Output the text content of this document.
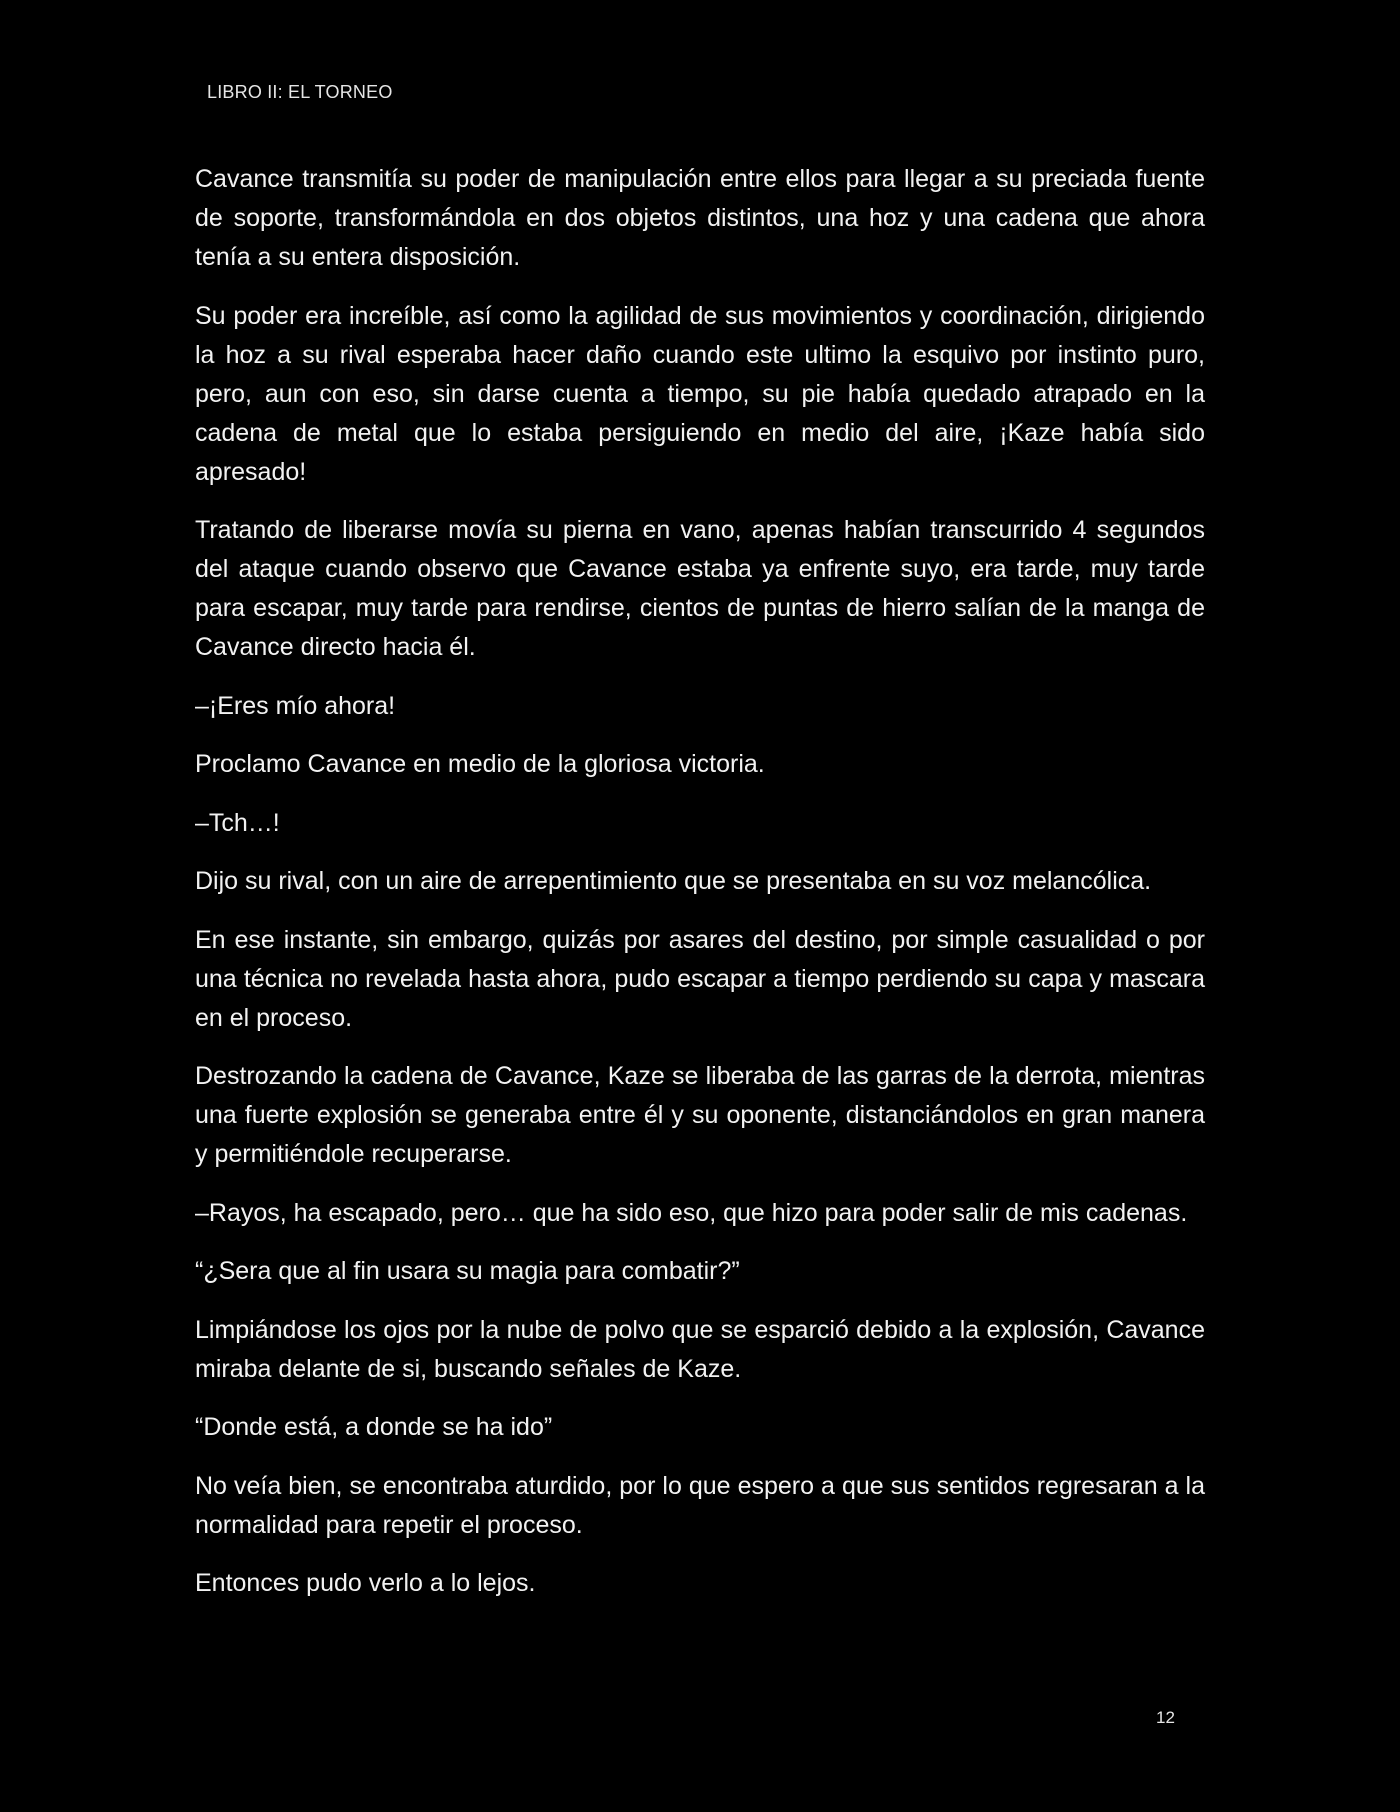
LIBRO II: EL TORNEO

Cavance transmitía su poder de manipulación entre ellos para llegar a su preciada fuente de soporte, transformándola en dos objetos distintos, una hoz y una cadena que ahora tenía a su entera disposición.

Su poder era increíble, así como la agilidad de sus movimientos y coordinación, dirigiendo la hoz a su rival esperaba hacer daño cuando este ultimo la esquivo por instinto puro, pero, aun con eso, sin darse cuenta a tiempo, su pie había quedado atrapado en la cadena de metal que lo estaba persiguiendo en medio del aire, ¡Kaze había sido apresado!

Tratando de liberarse movía su pierna en vano, apenas habían transcurrido 4 segundos del ataque cuando observo que Cavance estaba ya enfrente suyo, era tarde, muy tarde para escapar, muy tarde para rendirse, cientos de puntas de hierro salían de la manga de Cavance directo hacia él.

–¡Eres mío ahora!

Proclamo Cavance en medio de la gloriosa victoria.

–Tch…!

Dijo su rival, con un aire de arrepentimiento que se presentaba en su voz melancólica.

En ese instante, sin embargo, quizás por asares del destino, por simple casualidad o por una técnica no revelada hasta ahora, pudo escapar a tiempo perdiendo su capa y mascara en el proceso.

Destrozando la cadena de Cavance, Kaze se liberaba de las garras de la derrota, mientras una fuerte explosión se generaba entre él y su oponente, distanciándolos en gran manera y permitiéndole recuperarse.

–Rayos, ha escapado, pero… que ha sido eso, que hizo para poder salir de mis cadenas.

“¿Sera que al fin usara su magia para combatir?”

Limpiándose los ojos por la nube de polvo que se esparció debido a la explosión, Cavance miraba delante de si, buscando señales de Kaze.

“Donde está, a donde se ha ido”

No veía bien, se encontraba aturdido, por lo que espero a que sus sentidos regresaran a la normalidad para repetir el proceso.

Entonces pudo verlo a lo lejos.

12
